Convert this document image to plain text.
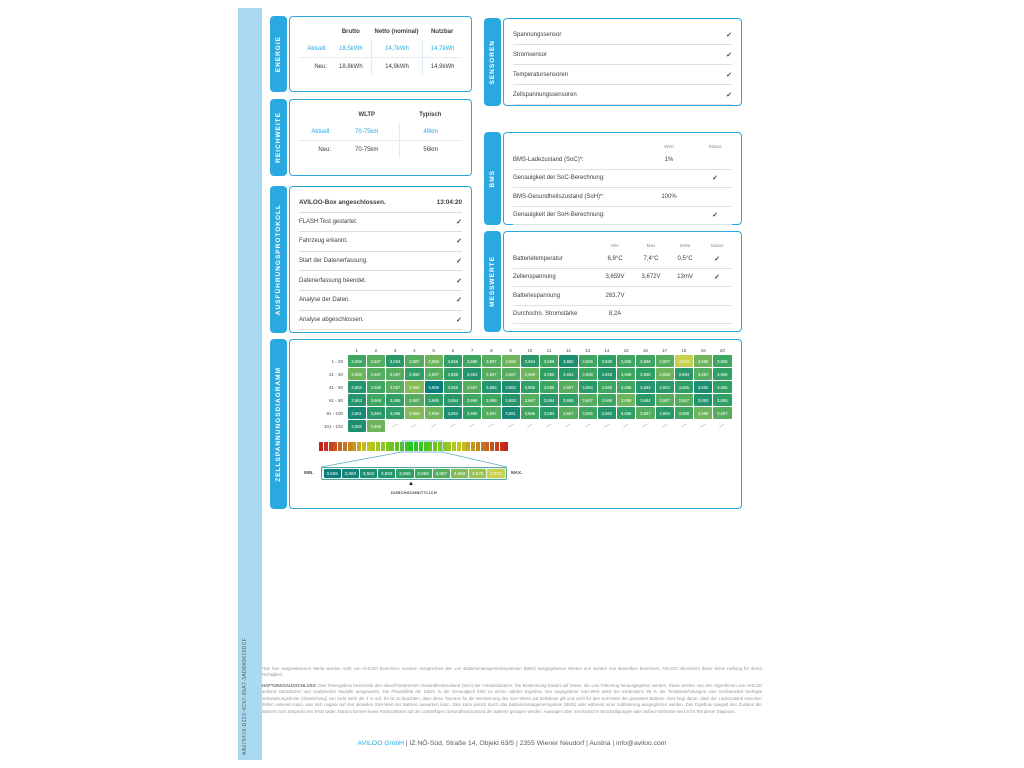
AA076478-D123-4C97-89A7-3AD8A9616DCF
ENERGIE
Brutto	Netto (nominal)	Nutzbar
Aktuell:	18,5kWh	14,7kWh	14,7kWh
Neu:	18,8kWh	14,9kWh	14,9kWh
REICHWEITE	WLTP	Typisch
Aktuell:	70-75km	48km
Neu:	70-75km	56km
AUSFÜHRUNGSPROTOKOLL
AVILOO-Box angeschlossen.	13:04:20
FLASH Test gestartet.	✓
Fahrzeug erkannt.	✓
Start der Datenerfassung.	✓
Datenerfassung beendet.	✓
Analyse der Daten.	✓
Analyse abgeschlossen.	✓
SENSOREN
Spannungssensor	✓
Stromsensor	✓
Temperatursensoren	✓
Zellspannungssensoren	✓
BMS
Wert	Status
BMS-Ladezustand (SoC)*:	1%
Genauigkeit der SoC-Berechnung:	✓
BMS-Gesundheitszustand (SoH)*:	100%
Genauigkeit der SoH-Berechnung:	✓
MESSWERTE
Min	Max	Delta	Status
Batterietemperatur	6,9°C	7,4°C	0,5°C	✓
Zellenspannung	3,659V	3,672V	13mV	✓
Batteriespannung	263,7V
Durchschn. Stromstärke	8,2A
ZELLSPANNUNGSDIAGRAMM
1	2	3	4	5	6	7	8	9	10	11	12	13	14	15	16	17	18	19	20
1 - 20	3,666	3,667	3,664	3,667	3,668	3,665	3,666	3,667	3,668	3,664	3,666	3,662	3,666	3,665	3,666	3,666	3,667	3,672	3,668	3,666
21 - 40	3,668	3,667	3,667	3,665	3,667	3,665	3,663	3,667	3,667	3,668	3,665	3,664	3,666	3,663	3,666	3,665	3,668	3,664	3,667	3,665
41 - 60	3,663	3,666	3,667	3,669	3,659	3,665	3,667	3,663	3,662	3,665	3,666	3,667	3,664	3,666	3,666	3,663	3,664	3,665	3,662	3,665
61 - 80	3,663	3,666	3,665	3,667	3,665	3,664	3,666	3,666	3,663	3,667	3,664	3,665	3,667	3,666	3,668	3,664	3,667	3,667	3,663	3,665
81 - 100	3,661	3,664	3,665	3,669	3,668	3,662	3,665	3,667	3,661	3,666	3,664	3,667	3,666	3,663	3,665	3,667	3,664	3,666	3,668	3,667
101 - 102	3,662	3,668	— — — — — — — — — — — — — — — — — —
MIN.	3,659	3,660	3,662	3,663	3,665	3,666	3,667	3,669	3,670	3,672	MAX.
▲
DURCHSCHNITTLICH

*Die hier ausgewiesenen Werte wurden nicht von AVILOO berechnet, sondern entsprechen den von Batteriemanagementsystemen (BMS) ausgegebenen Werten und wurden von denselben berechnet. AVILOO übernimmt daher keine Haftung für deren Richtigkeit.

HAFTUNGSAUSSCHLUSS: Das Testergebnis beschreibt den aktuell bestimmten Gesundheitszustand (SoH) der Antriebsbatterie. Die Bestimmung basiert auf Daten, die vom Fahrzeug herausgegeben werden. Diese werden von den Algorithmen von AVILOO anhand statistischer und analytischer Modelle ausgewertet. Die Plausibilität der Daten in der Genauigkeit führt zu einem validen Ergebnis. Der angegebene SoH-Wert weist bei mindestens 95 % der Testwiederholungen eine nachweislich bedingte Schwankungsbreite (Abweichung) von nicht mehr als 3 % auf. Es ist zu beachten, dass diese Toleranz für die Bestimmung des SoH-Werts auf Zellebene gilt und nicht für den SoH-Wert der gesamten Batterie. Dies liegt daran, dass der Ladezustand einzelner Zellen variieren kann, was sich negativ auf den aktuellen SoH-Wert der Batterie auswirken kann. Dies kann jedoch durch das Batteriemanagementsystem (BMS) oder während einer Kalibrierung ausgeglichen werden. Das Ergebnis spiegelt den Zustand der Batterie zum Zeitpunkt des Tests wider. Daraus können keine Rückschlüsse auf den zukünftigen Gesundheitszustand der Batterie gezogen werden. Aussagen über mechanische Beschädigungen oder äußere Einflüsse sind nicht Teil dieser Diagnose.

AVILOO GmbH | IZ NÖ-Süd, Straße 14, Objekt 63/5 | 2355 Wiener Neudorf | Austria | info@aviloo.com
